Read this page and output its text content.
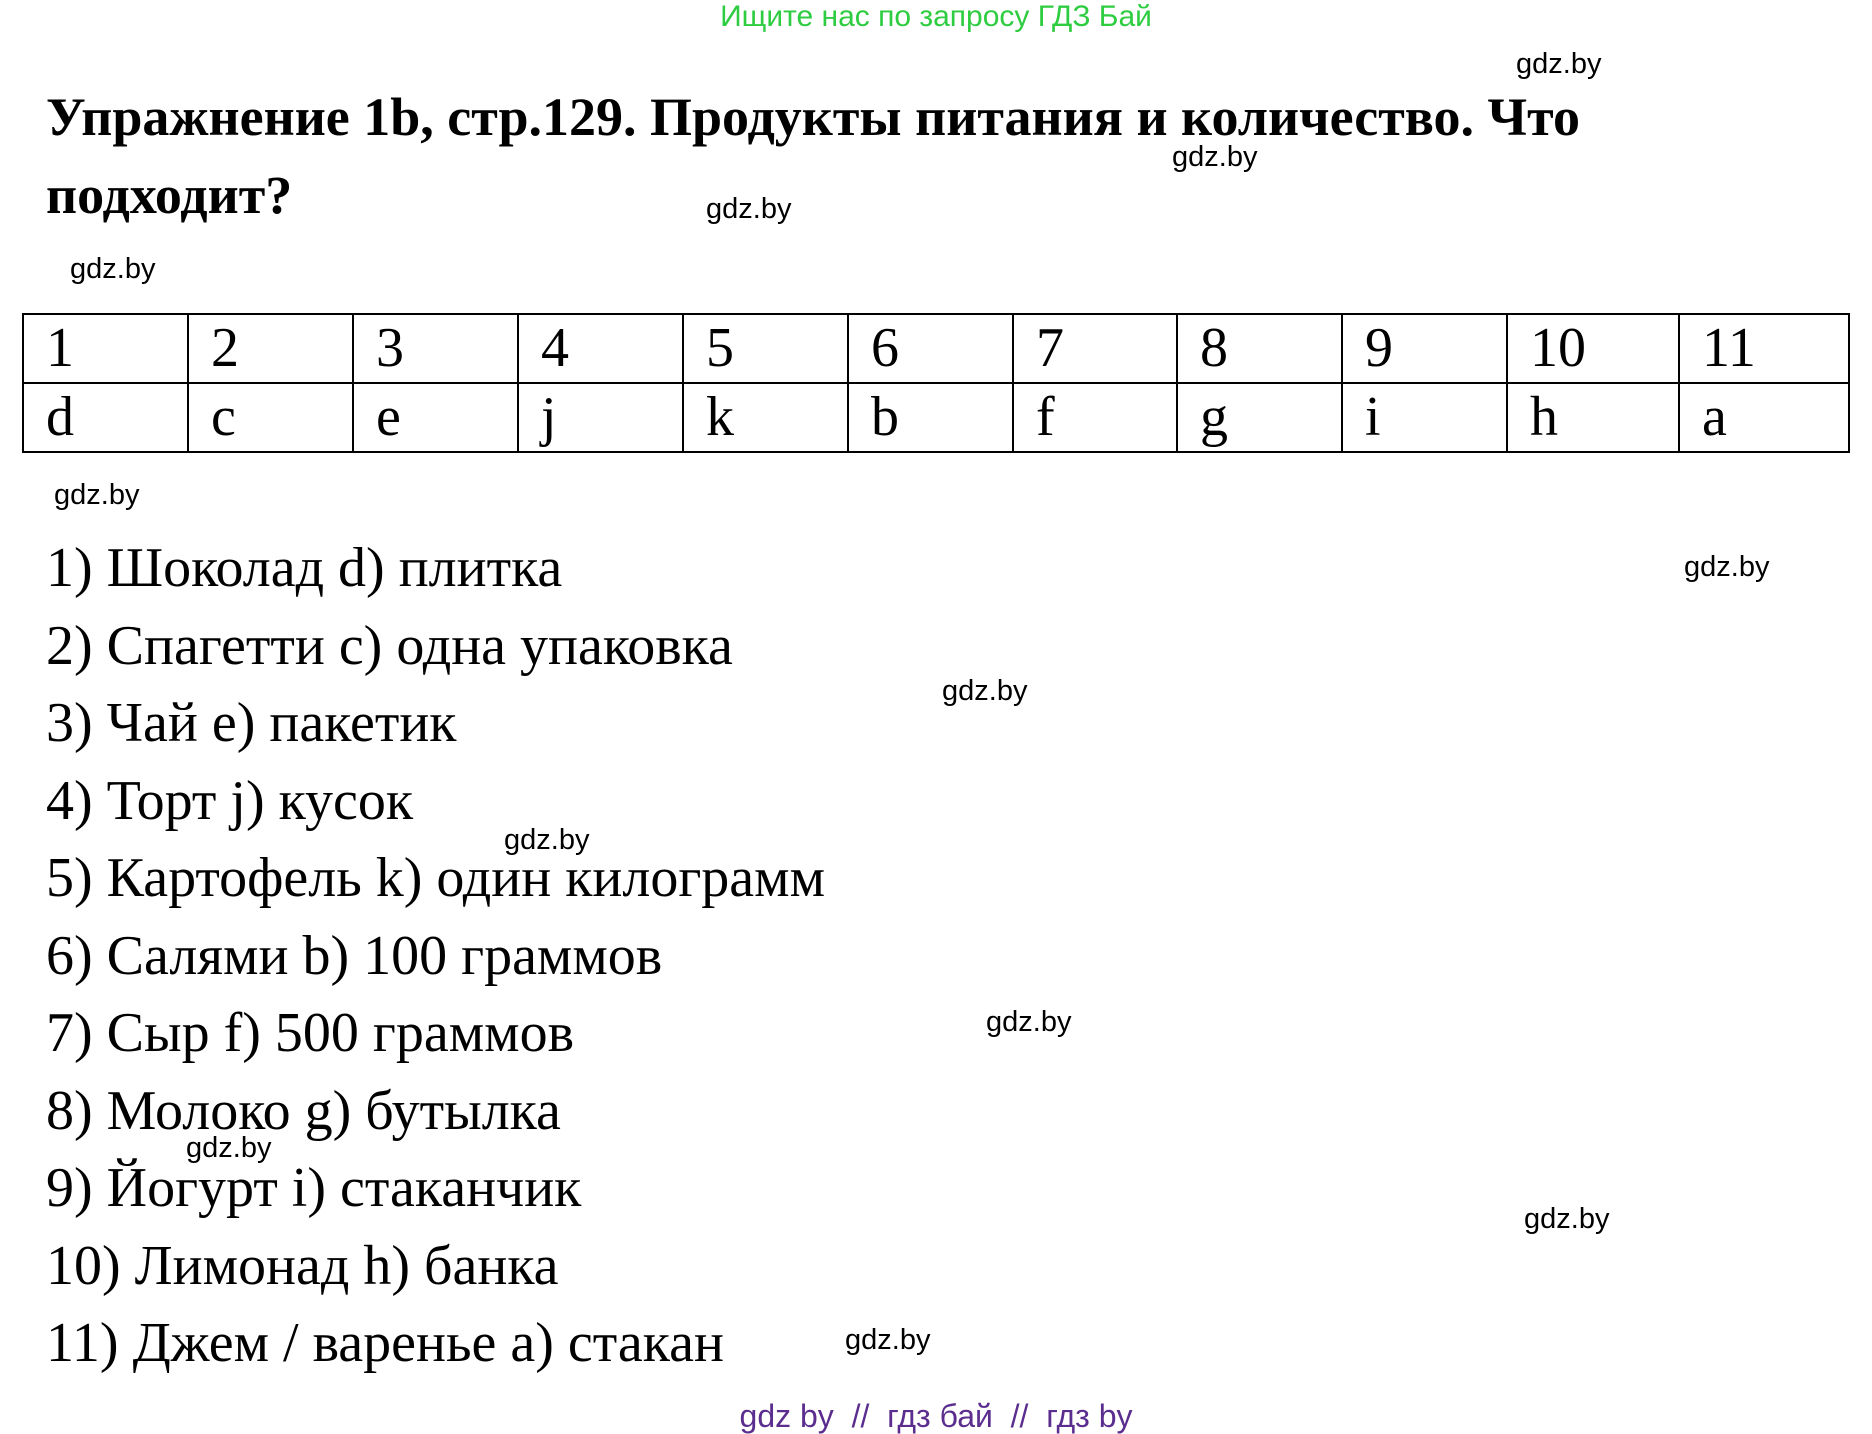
Ищите нас по запросу ГДЗ Бай
Упражнение 1b, стр.129. Продукты питания и количество. Что подходит?
1	2	3	4	5	6	7	8	9	10	11
d	c	e	j	k	b	f	g	i	h	a
1) Шоколад d) плитка
2) Спагетти c) одна упаковка
3) Чай e) пакетик
4) Торт j) кусок
5) Картофель k) один килограмм
6) Салями b) 100 граммов
7) Сыр f) 500 граммов
8) Молоко g) бутылка
9) Йогурт i) стаканчик
10) Лимонад h) банка
11) Джем / варенье a) стакан
gdz.by
gdz.by
gdz.by
gdz.by
gdz.by
gdz.by
gdz.by
gdz.by
gdz.by
gdz.by
gdz.by
gdz.by
gdz by  //  гдз бай  //  гдз by
